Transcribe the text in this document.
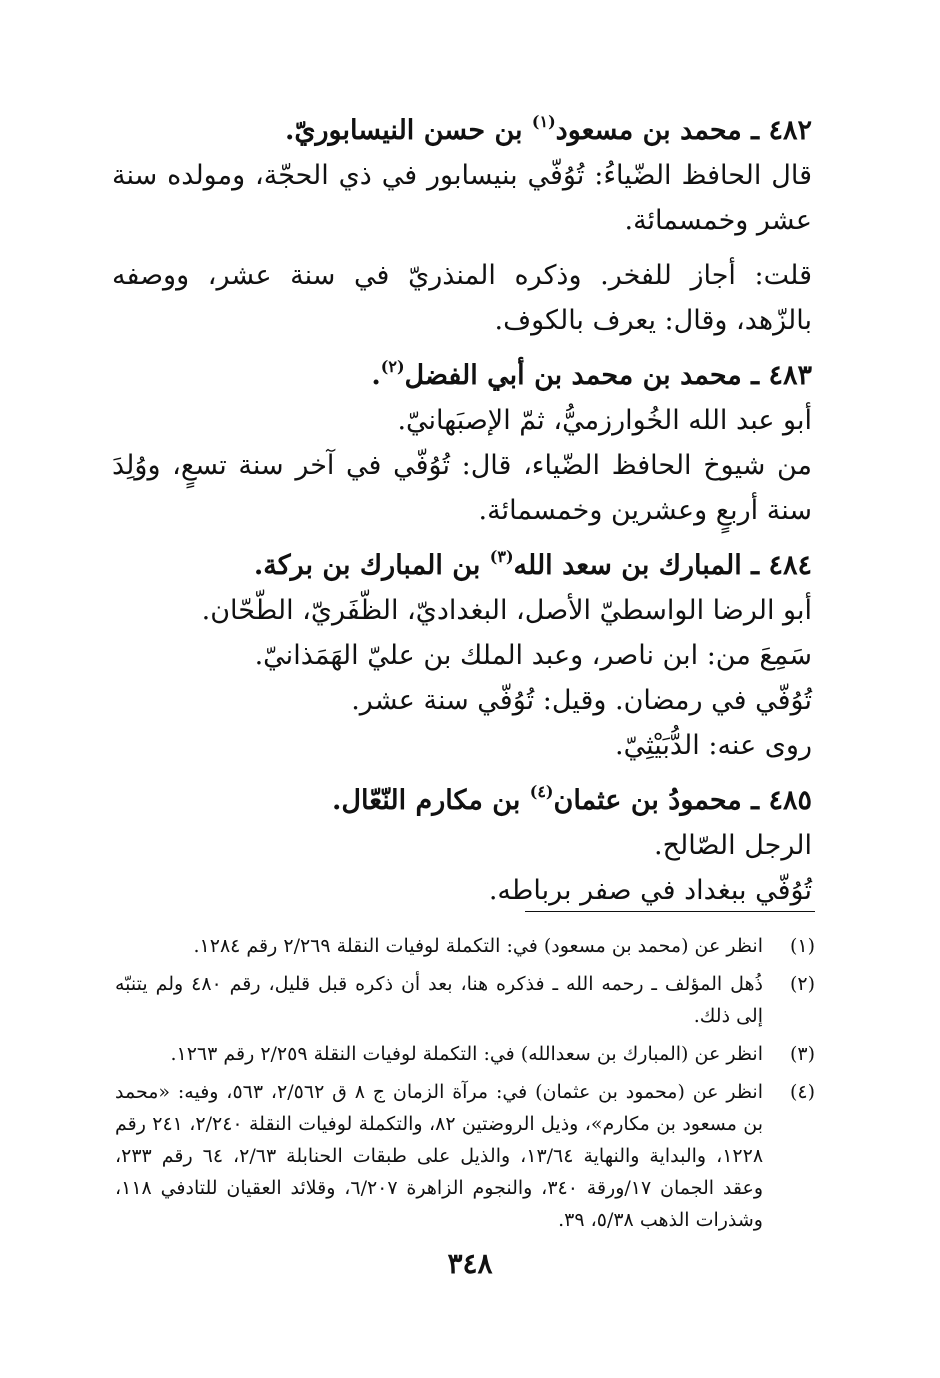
٤٨٢ ـ محمد بن مسعود$^{(١)}$ بن حسن النيسابوريّ.

قال الحافظ الضّياءُ: تُوُفّي بنيسابور في ذي الحجّة، ومولده سنة عشر وخمسمائة.

قلت: أجاز للفخر. وذكره المنذريّ في سنة عشر، ووصفه بالزّهد، وقال: يعرف بالكوف.

٤٨٣ ـ محمد بن محمد بن أبي الفضل$^{(٢)}$.

أبو عبد الله الخُوارزميُّ، ثمّ الإصبَهانيّ.

من شيوخ الحافظ الضّياء، قال: تُوُفّي في آخر سنة تسعٍ، ووُلِدَ سنة أربعٍ وعشرين وخمسمائة.

٤٨٤ ـ المبارك بن سعد الله$^{(٣)}$ بن المبارك بن بركة.

أبو الرضا الواسطيّ الأصل، البغداديّ، الظّفَريّ، الطّحّان.

سَمِعَ من: ابن ناصر، وعبد الملك بن عليّ الهَمَذانيّ.

تُوُفّي في رمضان. وقيل: تُوُفّي سنة عشر.

روى عنه: الدُّبَيْثِيّ.

٤٨٥ ـ محمودُ بن عثمان$^{(٤)}$ بن مكارم النّعّال.

الرجل الصّالح.

تُوُفّي ببغداد في صفر برباطه.

(١)
انظر عن (محمد بن مسعود) في: التكملة لوفيات النقلة ٢/٢٦٩ رقم ١٢٨٤.
(٢)
ذُهل المؤلف ـ رحمه الله ـ فذكره هنا، بعد أن ذكره قبل قليل، رقم ٤٨٠ ولم يتنبّه إلى ذلك.
(٣)
انظر عن (المبارك بن سعدالله) في: التكملة لوفيات النقلة ٢/٢٥٩ رقم ١٢٦٣.
(٤)
انظر عن (محمود بن عثمان) في: مرآة الزمان ج ٨ ق ٢/٥٦٢، ٥٦٣، وفيه: «محمد بن مسعود بن مكارم»، وذيل الروضتين ٨٢، والتكملة لوفيات النقلة ٢/٢٤٠، ٢٤١ رقم ١٢٢٨، والبداية والنهاية ١٣/٦٤، والذيل على طبقات الحنابلة ٢/٦٣، ٦٤ رقم ٢٣٣، وعقد الجمان ١٧/ورقة ٣٤٠، والنجوم الزاهرة ٦/٢٠٧، وقلائد العقيان للتادفي ١١٨، وشذرات الذهب ٥/٣٨، ٣٩.
٣٤٨
